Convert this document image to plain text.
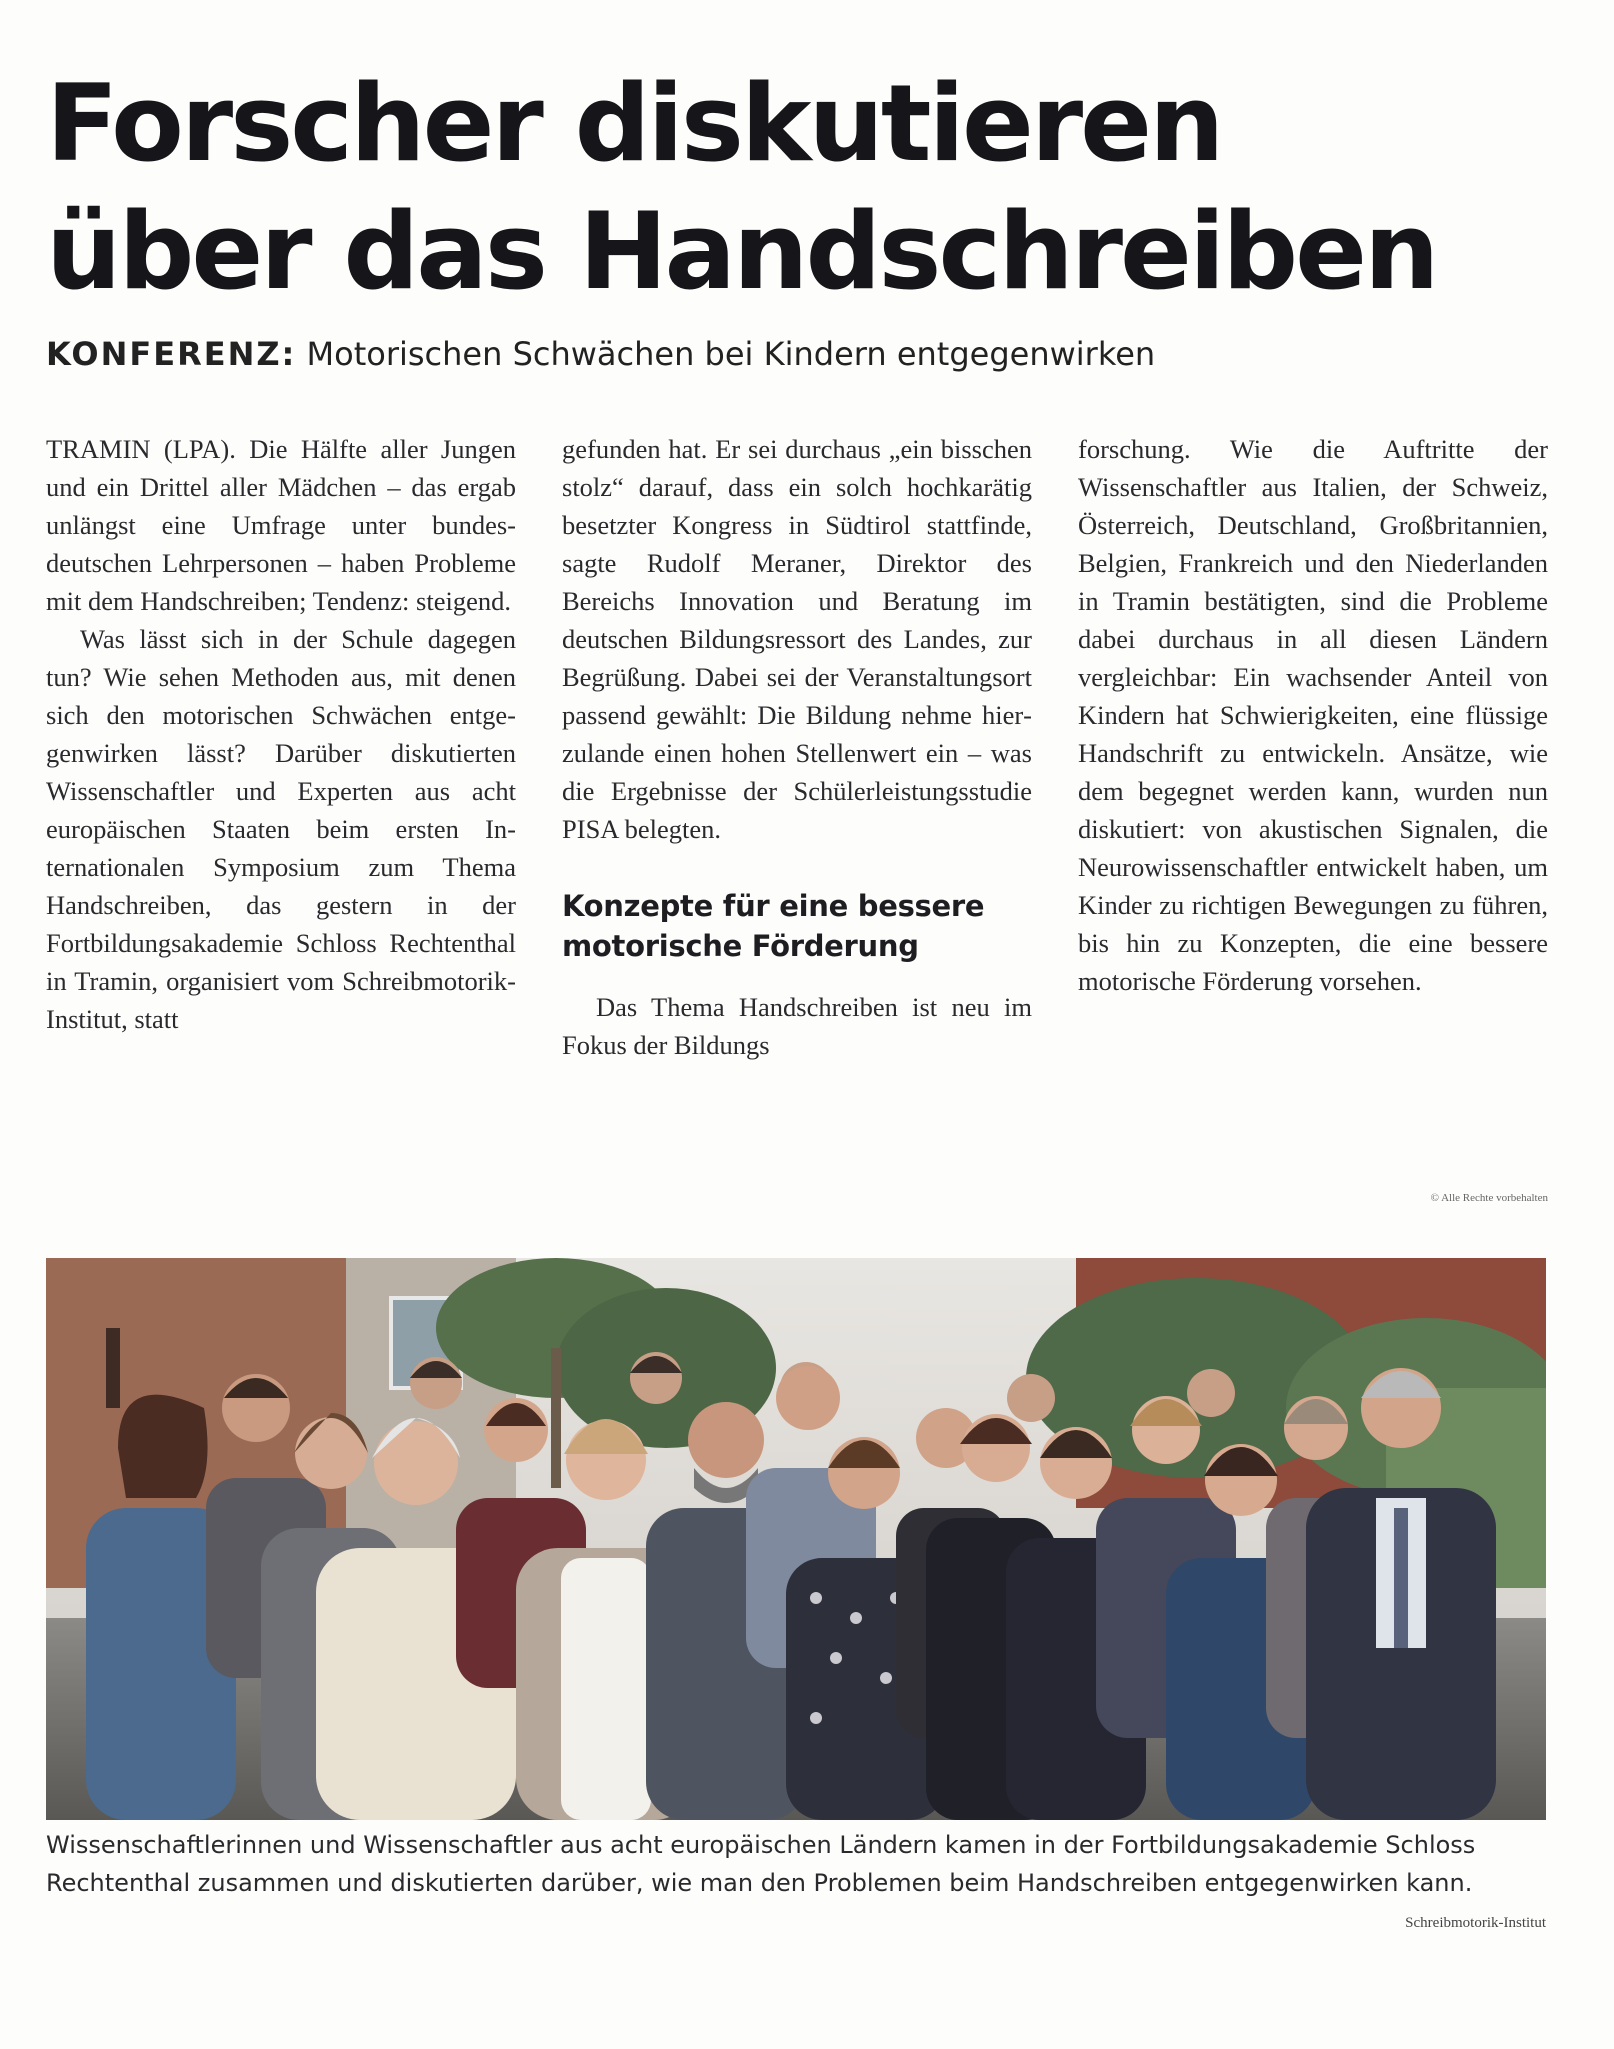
Forscher diskutieren
über das Handschreiben
KONFERENZ: Motorischen Schwächen bei Kindern entgegenwirken

TRAMIN (LPA). Die Hälfte aller Jungen und ein Drittel aller Mädchen – das ergab unlängst eine Umfrage unter bundesdeutschen Lehrpersonen – haben Probleme mit dem Handschreiben; Tendenz: steigend.

Was lässt sich in der Schule dagegen tun? Wie sehen Methoden aus, mit denen sich den motorischen Schwächen entgegenwirken lässt? Darüber diskutierten Wissenschaftler und Experten aus acht europäischen Staaten beim ersten Internationalen Symposium zum Thema Handschreiben, das gestern in der Fortbildungsakademie Schloss Rechtenthal in Tramin, organisiert vom Schreibmotorik-Institut, statt

gefunden hat. Er sei durchaus „ein bisschen stolz“ darauf, dass ein solch hochkarätig besetzter Kongress in Südtirol stattfinde, sagte Rudolf Meraner, Direktor des Bereichs Innovation und Beratung im deutschen Bildungsressort des Landes, zur Begrüßung. Dabei sei der Veranstaltungsort passend gewählt: Die Bildung nehme hierzulande einen hohen Stellenwert ein – was die Ergebnisse der Schülerleistungsstudie PISA belegten.

Konzepte für eine bessere motorische Förderung

Das Thema Handschreiben ist neu im Fokus der Bildungs

forschung. Wie die Auftritte der Wissenschaftler aus Italien, der Schweiz, Österreich, Deutschland, Großbritannien, Belgien, Frankreich und den Niederlanden in Tramin bestätigten, sind die Probleme dabei durchaus in all diesen Ländern vergleichbar: Ein wachsender Anteil von Kindern hat Schwierigkeiten, eine flüssige Handschrift zu entwickeln. Ansätze, wie dem begegnet werden kann, wurden nun diskutiert: von akustischen Signalen, die Neurowissenschaftler entwickelt haben, um Kinder zu richtigen Bewegungen zu führen, bis hin zu Konzepten, die eine bessere motorische Förderung vorsehen.

© Alle Rechte vorbehalten

Wissenschaftlerinnen und Wissenschaftler aus acht europäischen Ländern kamen in der Fortbildungsakademie Schloss Rechtenthal zusammen und diskutierten darüber, wie man den Problemen beim Handschreiben entgegenwirken kann.

Schreibmotorik-Institut
